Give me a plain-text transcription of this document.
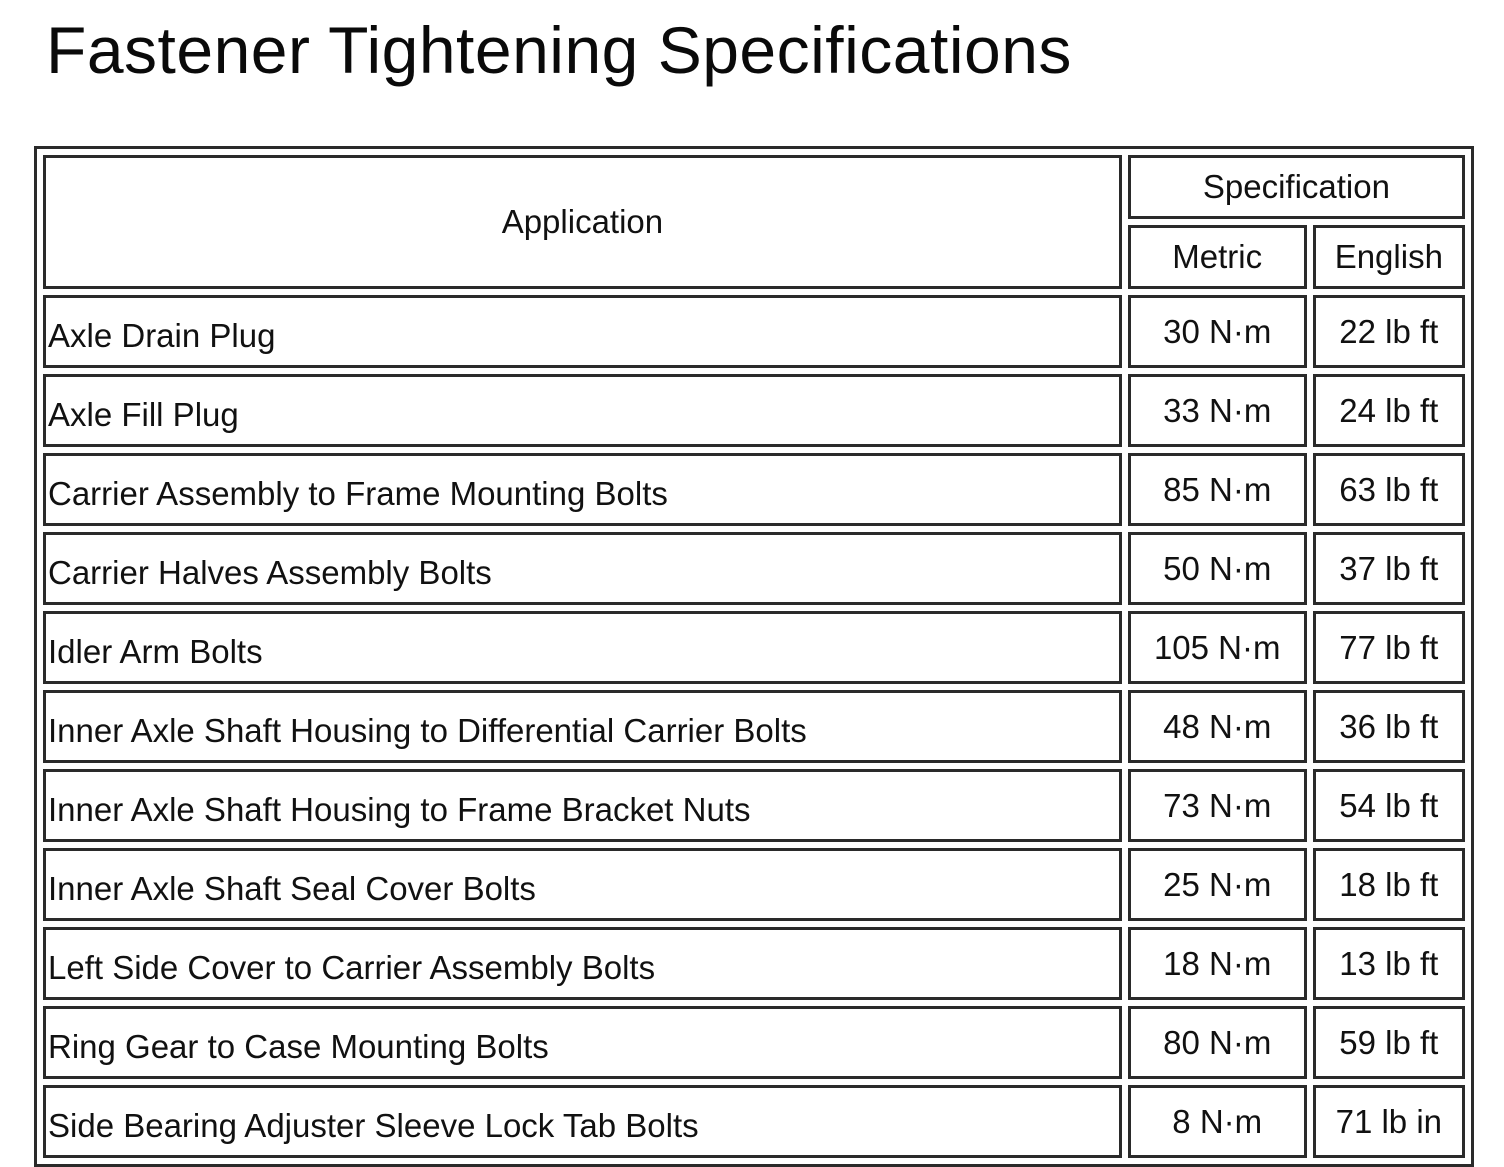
Fastener Tightening Specifications
Application	Specification	
	Metric	English
Axle Drain Plug	30 N·m	22 lb ft
Axle Fill Plug	33 N·m	24 lb ft
Carrier Assembly to Frame Mounting Bolts	85 N·m	63 lb ft
Carrier Halves Assembly Bolts	50 N·m	37 lb ft
Idler Arm Bolts	105 N·m	77 lb ft
Inner Axle Shaft Housing to Differential Carrier Bolts	48 N·m	36 lb ft
Inner Axle Shaft Housing to Frame Bracket Nuts	73 N·m	54 lb ft
Inner Axle Shaft Seal Cover Bolts	25 N·m	18 lb ft
Left Side Cover to Carrier Assembly Bolts	18 N·m	13 lb ft
Ring Gear to Case Mounting Bolts	80 N·m	59 lb ft
Side Bearing Adjuster Sleeve Lock Tab Bolts	8 N·m	71 lb in
